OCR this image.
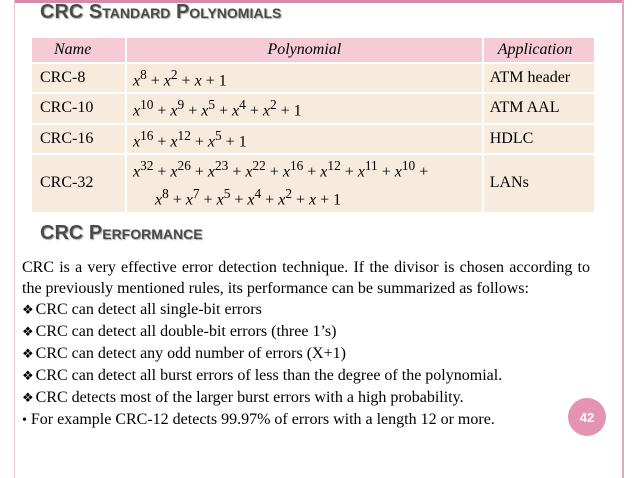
CRC Standard Polynomials
Name	Polynomial	Application
CRC-8	$x^8 + x^2 + x + 1$	ATM header
CRC-10	$x^{10} + x^9 + x^5 + x^4 + x^2 + 1$	ATM AAL
CRC-16	$x^{16} + x^{12} + x^5 + 1$	HDLC
CRC-32	$x^{32} + x^{26} + x^{23} + x^{22} + x^{16} + x^{12} + x^{11} + x^{10}$ +
$x^8 + x^7 + x^5 + x^4 + x^2 + x + 1$	LANs
CRC Performance

CRC is a very effective error detection technique. If the divisor is chosen according to the previously mentioned rules, its performance can be summarized as follows:

❖ CRC can detect all single-bit errors

❖ CRC can detect all double-bit errors (three 1’s)

❖ CRC can detect any odd number of errors (X+1)

❖ CRC can detect all burst errors of less than the degree of the polynomial.

❖ CRC detects most of the larger burst errors with a high probability.

• For example CRC-12 detects 99.97% of errors with a length 12 or more.	42
